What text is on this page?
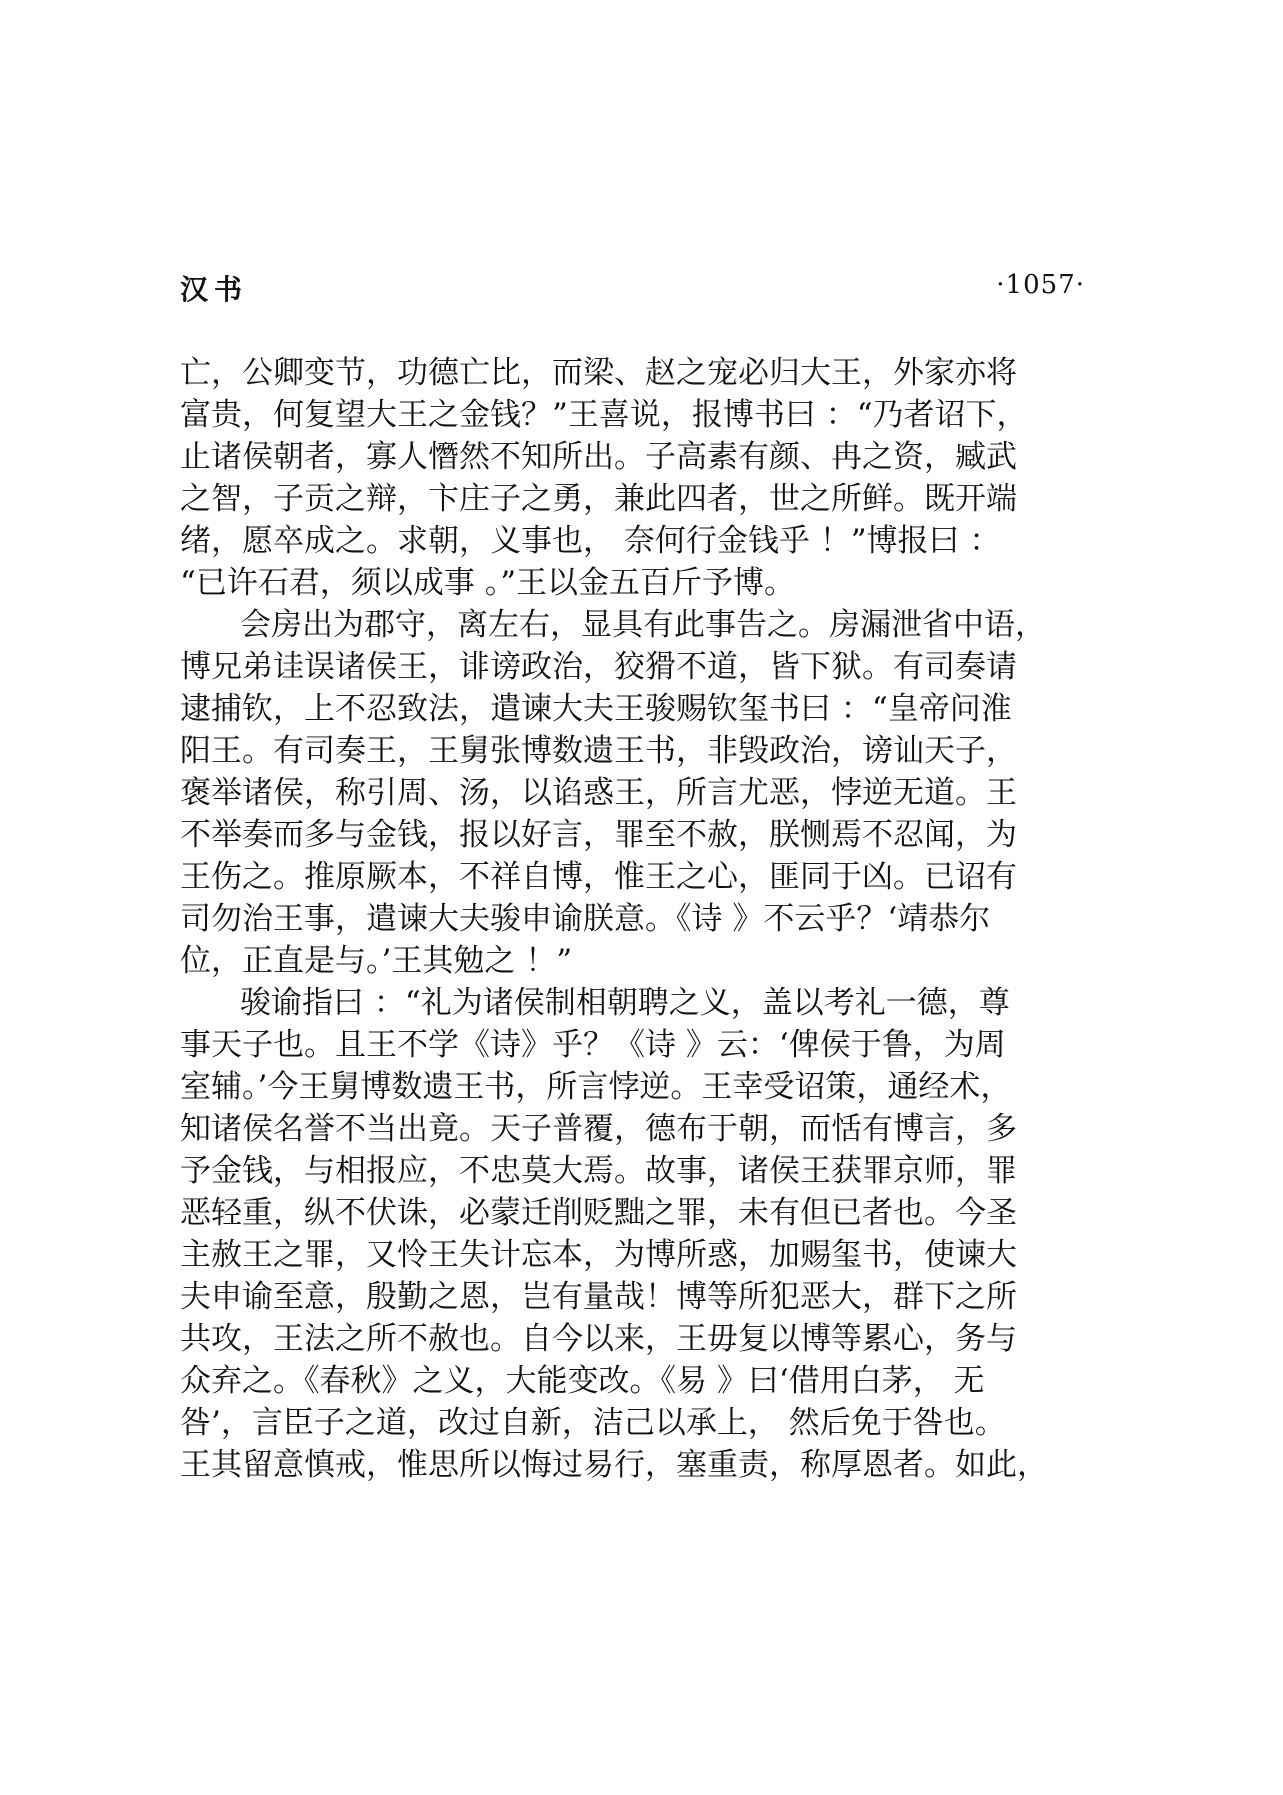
汉书	·1057·
亡，公卿变节，功德亡比，而梁、赵之宠必归大王，外家亦将
富贵，何复望大王之金钱？”王喜说，报博书曰 ：“乃者诏下，
止诸侯朝者，寡人憯然不知所出。子高素有颜、冉之资，臧武
之智，子贡之辩，卞庄子之勇，兼此四者，世之所鲜。既开端
绪，愿卒成之。求朝，义事也， 奈何行金钱乎 ！”博报曰 ：
“已许石君，须以成事 。”王以金五百斤予博。
会房出为郡守，离左右，显具有此事告之。房漏泄省中语，
博兄弟诖误诸侯王，诽谤政治，狡猾不道，皆下狱。有司奏请
逮捕钦，上不忍致法，遣谏大夫王骏赐钦玺书曰 ：“皇帝问淮
阳王。有司奏王，王舅张博数遗王书，非毁政治，谤讪天子，
褒举诸侯，称引周、汤，以谄惑王，所言尤恶，悖逆无道。王
不举奏而多与金钱，报以好言，罪至不赦，朕恻焉不忍闻，为
王伤之。推原厥本，不祥自博，惟王之心，匪同于凶。已诏有
司勿治王事，遣谏大夫骏申谕朕意。《诗 》不云乎？‘靖恭尔
位，正直是与。’王其勉之 ！”
骏谕指曰 ：“礼为诸侯制相朝聘之义，盖以考礼一德，尊
事天子也。且王不学《诗》乎？《诗 》云：‘俾侯于鲁，为周
室辅。’今王舅博数遗王书，所言悖逆。王幸受诏策，通经术，
知诸侯名誉不当出竟。天子普覆，德布于朝，而恬有博言，多
予金钱，与相报应，不忠莫大焉。故事，诸侯王获罪京师，罪
恶轻重，纵不伏诛，必蒙迁削贬黜之罪，未有但已者也。今圣
主赦王之罪，又怜王失计忘本，为博所惑，加赐玺书，使谏大
夫申谕至意，殷勤之恩，岂有量哉！博等所犯恶大，群下之所
共攻，王法之所不赦也。自今以来，王毋复以博等累心，务与
众弃之。《春秋》之义，大能变改。《易 》曰‘借用白茅， 无
咎’，言臣子之道，改过自新，洁己以承上， 然后免于咎也。
王其留意慎戒，惟思所以悔过易行，塞重责，称厚恩者。如此，
